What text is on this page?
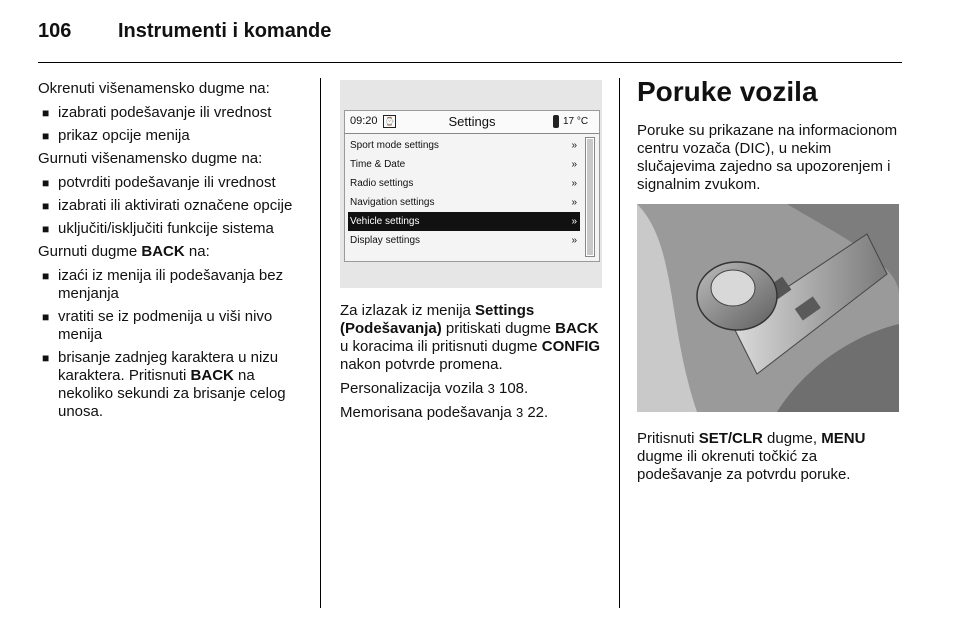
106 Instrumenti i komande

Okrenuti višenamensko dugme na:

■ izabrati podešavanje ili vrednost
■ prikaz opcije menija

Gurnuti višenamensko dugme na:

■ potvrditi podešavanje ili vrednost
■ izabrati ili aktivirati označene opcije
■ uključiti/isključiti funkcije sistema

Gurnuti dugme BACK na:

■ izaći iz menija ili podešavanja bez menjanja
■ vratiti se iz podmenija u viši nivo menija
■ brisanje zadnjeg karaktera u nizu karaktera. Pritisnuti BACK na nekoliko sekundi za brisanje celog unosa.
09:20 ⌚	Settings	17 °C
Sport mode settings	»
Time & Date	»
Radio settings	»
Navigation settings	»
Vehicle settings	»
Display settings	»

Za izlazak iz menija Settings (Podešavanja) pritiskati dugme BACK u koracima ili pritisnuti dugme CONFIG nakon potvrde promena.

Personalizacija vozila 3 108.

Memorisana podešavanja 3 22.

Poruke vozila

Poruke su prikazane na informacionom centru vozača (DIC), u nekim slučajevima zajedno sa upozorenjem i signalnim zvukom.

Pritisnuti SET/CLR dugme, MENU dugme ili okrenuti točkić za podešavanje za potvrdu poruke.
